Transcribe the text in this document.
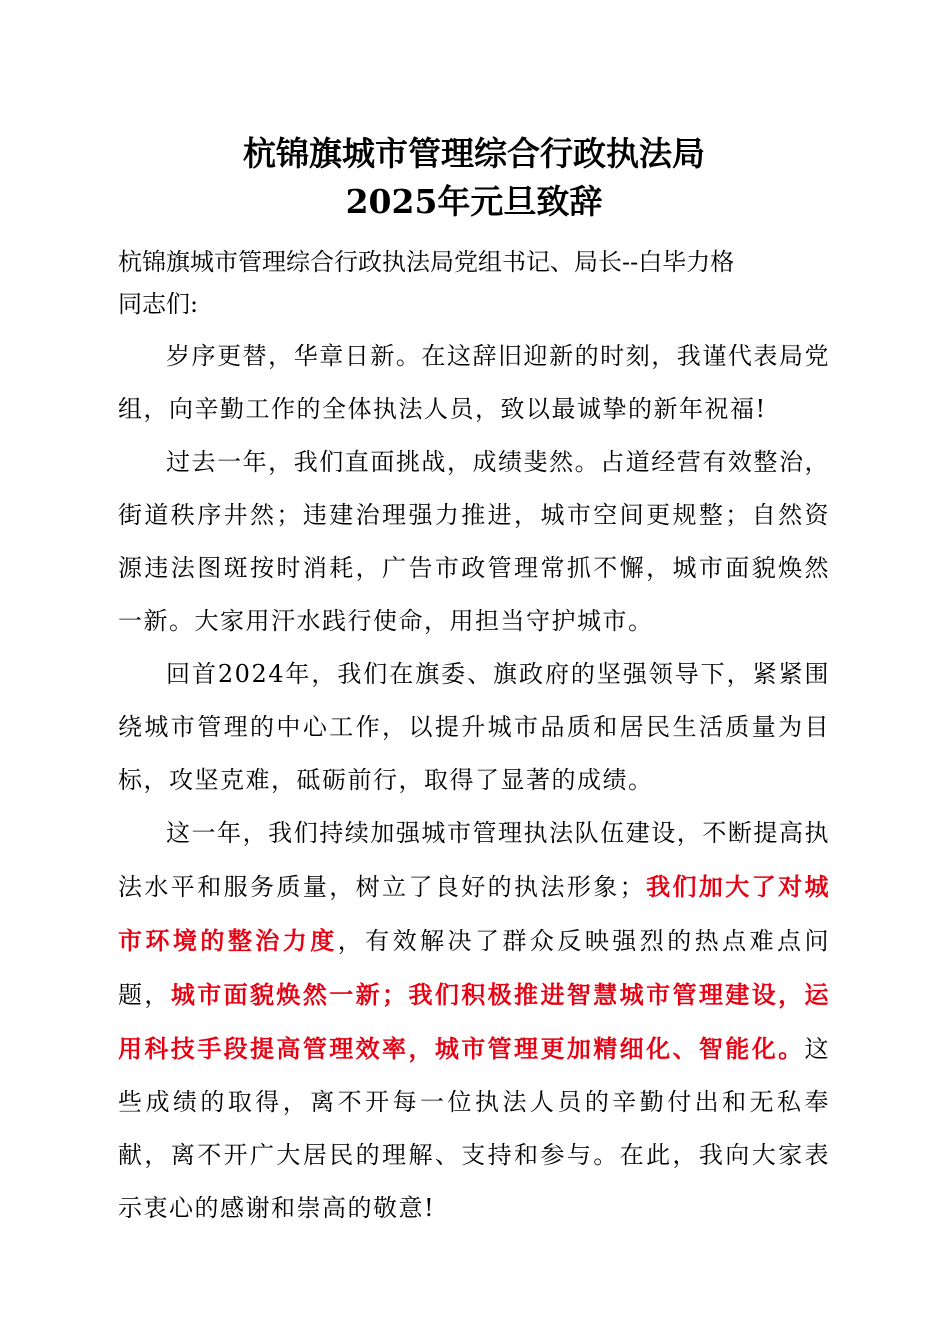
杭锦旗城市管理综合行政执法局
2025年元旦致辞
杭锦旗城市管理综合行政执法局党组书记、局长--白毕力格
同志们:

岁序更替，华章日新。在这辞旧迎新的时刻，我谨代表局党组，向辛勤工作的全体执法人员，致以最诚挚的新年祝福!

过去一年，我们直面挑战，成绩斐然。占道经营有效整治，街道秩序井然；违建治理强力推进，城市空间更规整；自然资源违法图斑按时消耗，广告市政管理常抓不懈，城市面貌焕然一新。大家用汗水践行使命，用担当守护城市。

回首2024年，我们在旗委、旗政府的坚强领导下，紧紧围绕城市管理的中心工作，以提升城市品质和居民生活质量为目标，攻坚克难，砥砺前行，取得了显著的成绩。

这一年，我们持续加强城市管理执法队伍建设，不断提高执法水平和服务质量，树立了良好的执法形象；我们加大了对城市环境的整治力度，有效解决了群众反映强烈的热点难点问题，城市面貌焕然一新；我们积极推进智慧城市管理建设，运用科技手段提高管理效率，城市管理更加精细化、智能化。这些成绩的取得，离不开每一位执法人员的辛勤付出和无私奉献，离不开广大居民的理解、支持和参与。在此，我向大家表示衷心的感谢和崇高的敬意!
